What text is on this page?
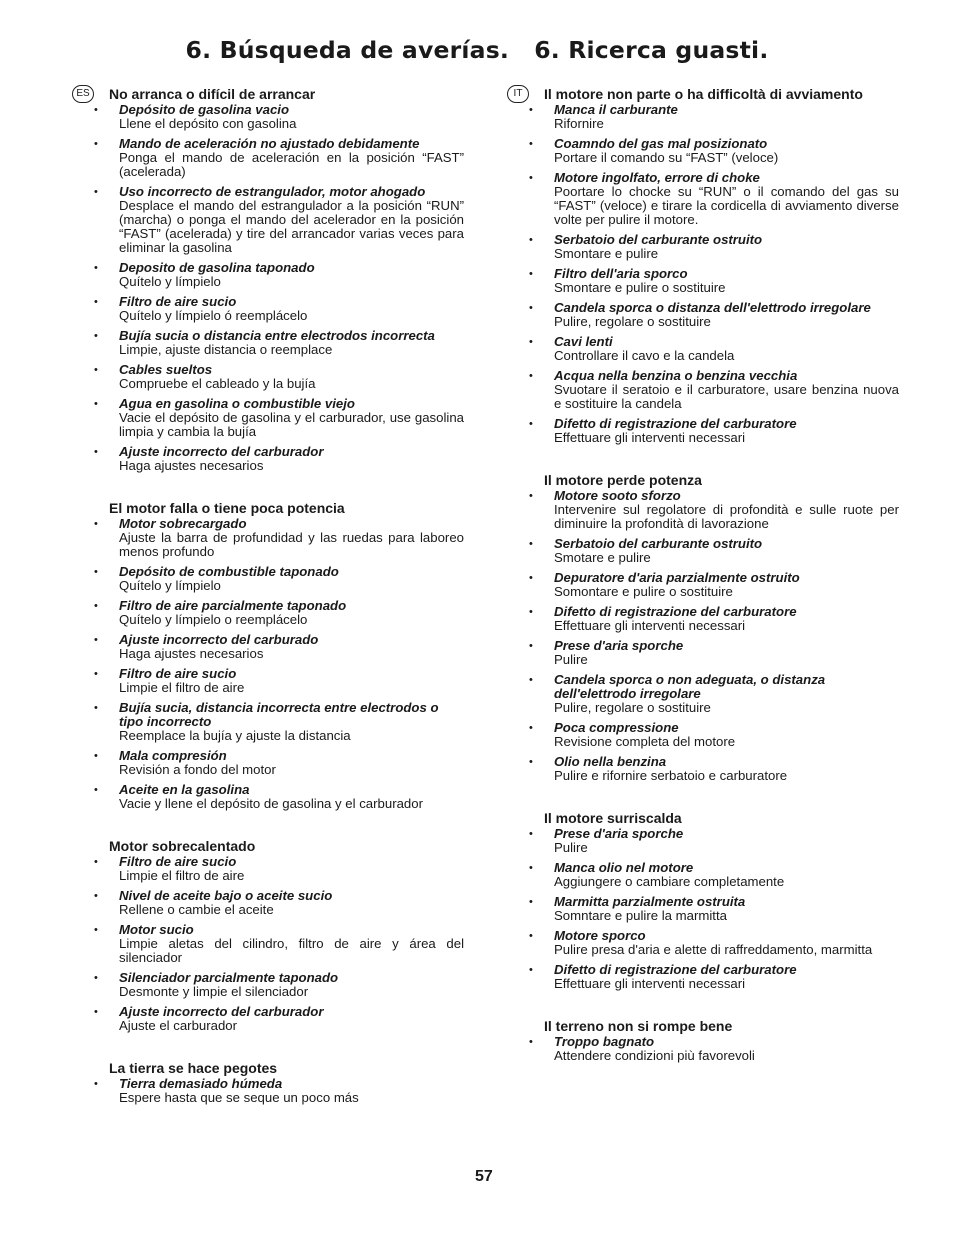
6. Búsqueda de averías.   6. Ricerca guasti.
ES	No arranca o difícil de arrancar
• Depósito de gasolina vacio
Llene el depósito con gasolina
• Mando de aceleración no ajustado debidamente
Ponga el mando de aceleración en la posición “FAST” (acelerada)
• Uso incorrecto de estrangulador, motor ahogado
Desplace el mando del estrangulador a la posición “RUN” (marcha) o ponga el mando del acelerador en la posición “FAST” (acelerada) y tire del arrancador varias veces para eliminar la gasolina
• Deposito de gasolina taponado
Quítelo y límpielo
• Filtro de aire sucio
Quítelo y límpielo ó reemplácelo
• Bujía sucia o distancia entre electrodos incorrecta
Limpie, ajuste distancia o reemplace
• Cables sueltos
Compruebe el cableado y la bujía
• Agua en gasolina o combustible viejo
Vacie el depósito de gasolina y el carburador, use gasolina limpia y cambia la bujía
• Ajuste incorrecto del carburador
Haga ajustes necesarios
El motor falla o tiene poca potencia
• Motor sobrecargado
Ajuste la barra de profundidad y las ruedas para laboreo menos profundo
• Depósito de combustible taponado
Quítelo y límpielo
• Filtro de aire parcialmente taponado
Quítelo y límpielo o reemplácelo
• Ajuste incorrecto del carburado
Haga ajustes necesarios
• Filtro de aire sucio
Limpie el filtro de aire
• Bujía sucia, distancia incorrecta entre electrodos o tipo incorrecto
Reemplace la bujía y ajuste la distancia
• Mala compresión
Revisión a fondo del motor
• Aceite en la gasolina
Vacie y llene el depósito de gasolina y el carburador
Motor sobrecalentado
• Filtro de aire sucio
Limpie el filtro de aire
• Nivel de aceite bajo o aceite sucio
Rellene o cambie el aceite
• Motor sucio
Limpie aletas del cilindro, filtro de aire y área del silenciador
• Silenciador parcialmente taponado
Desmonte y limpie el silenciador
• Ajuste incorrecto del carburador
Ajuste el carburador
La tierra se hace pegotes
• Tierra demasiado húmeda
Espere hasta que se seque un poco más
IT	Il motore non parte o ha difficoltà di avviamento
• Manca il carburante
Rifornire
• Coamndo del gas mal posizionato
Portare il comando su “FAST” (veloce)
• Motore ingolfato, errore di choke
Poortare lo chocke su “RUN” o il comando del gas su “FAST” (veloce) e tirare la cordicella di avviamento diverse volte per pulire il motore.
• Serbatoio del carburante ostruito
Smontare e pulire
• Filtro dell'aria sporco
Smontare e pulire o sostituire
• Candela sporca o distanza dell'elettrodo irregolare
Pulire, regolare o sostituire
• Cavi lenti
Controllare il cavo e la candela
• Acqua nella benzina o benzina vecchia
Svuotare il seratoio e il carburatore, usare benzina nuova e sostituire la candela
• Difetto di registrazione del carburatore
Effettuare gli interventi necessari
Il motore perde potenza
• Motore sooto sforzo
Intervenire sul regolatore di profondità e sulle ruote per diminuire la profondità di lavorazione
• Serbatoio del carburante ostruito
Smotare e pulire
• Depuratore d'aria parzialmente ostruito
Somontare e pulire o sostituire
• Difetto di registrazione del carburatore
Effettuare gli interventi necessari
• Prese d'aria sporche
Pulire
• Candela sporca o non adeguata, o distanza dell'elettrodo irregolare
Pulire, regolare o sostituire
• Poca compressione
Revisione completa del motore
• Olio nella benzina
Pulire e rifornire serbatoio e carburatore
Il motore surriscalda
• Prese d'aria sporche
Pulire
• Manca olio nel motore
Aggiungere o cambiare completamente
• Marmitta parzialmente ostruita
Somntare e pulire la marmitta
• Motore sporco
Pulire presa d'aria e alette di raffreddamento, marmitta
• Difetto di registrazione del carburatore
Effettuare gli interventi necessari
Il terreno non si rompe bene
• Troppo bagnato
Attendere condizioni più favorevoli
57
